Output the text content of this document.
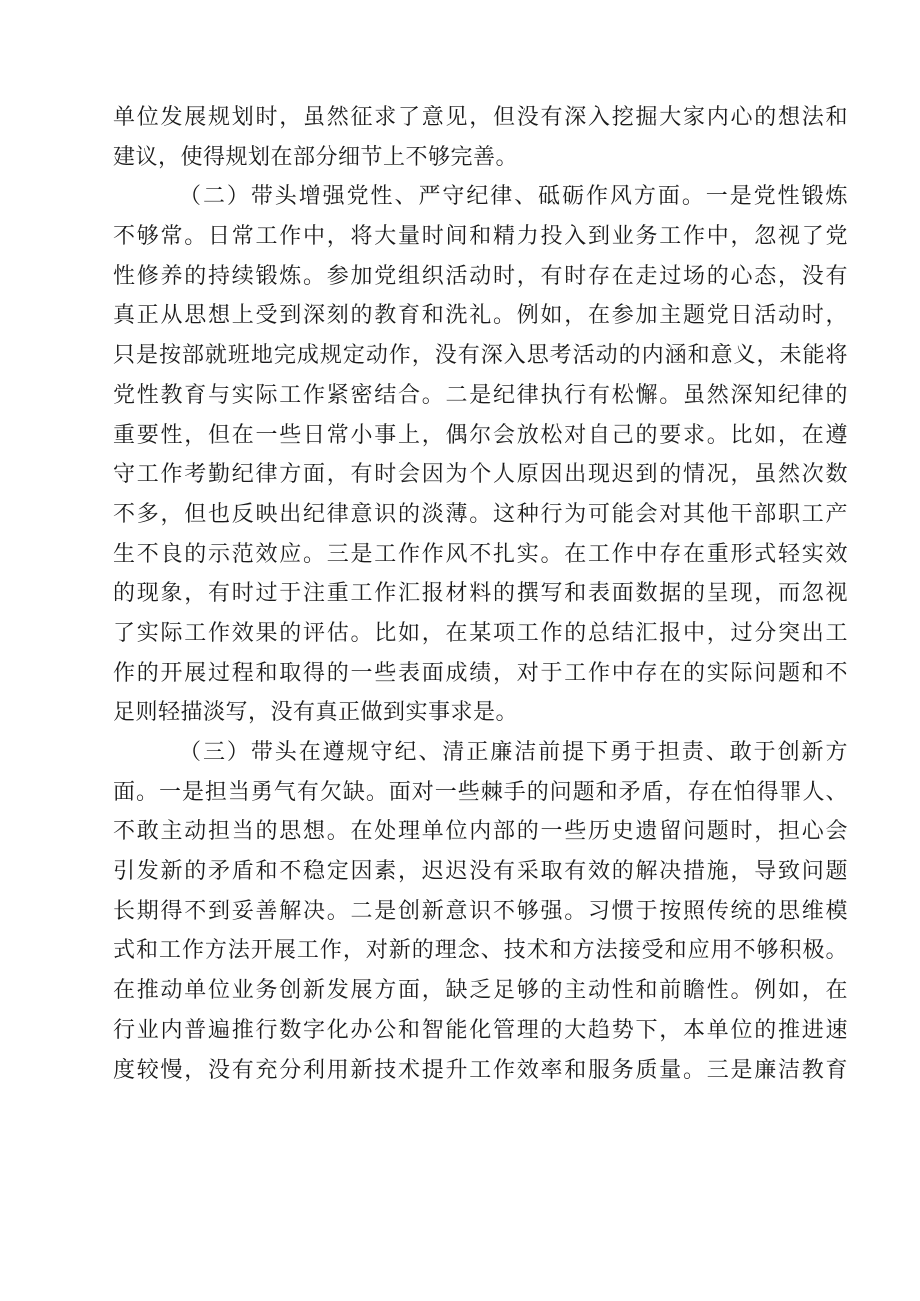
单位发展规划时，虽然征求了意见，但没有深入挖掘大家内心的想法和
建议，使得规划在部分细节上不够完善。
（二）带头增强党性、严守纪律、砥砺作风方面。一是党性锻炼
不够常。日常工作中，将大量时间和精力投入到业务工作中，忽视了党
性修养的持续锻炼。参加党组织活动时，有时存在走过场的心态，没有
真正从思想上受到深刻的教育和洗礼。例如，在参加主题党日活动时，
只是按部就班地完成规定动作，没有深入思考活动的内涵和意义，未能将
党性教育与实际工作紧密结合。二是纪律执行有松懈。虽然深知纪律的
重要性，但在一些日常小事上，偶尔会放松对自己的要求。比如，在遵
守工作考勤纪律方面，有时会因为个人原因出现迟到的情况，虽然次数
不多，但也反映出纪律意识的淡薄。这种行为可能会对其他干部职工产
生不良的示范效应。三是工作作风不扎实。在工作中存在重形式轻实效
的现象，有时过于注重工作汇报材料的撰写和表面数据的呈现，而忽视
了实际工作效果的评估。比如，在某项工作的总结汇报中，过分突出工
作的开展过程和取得的一些表面成绩，对于工作中存在的实际问题和不
足则轻描淡写，没有真正做到实事求是。
（三）带头在遵规守纪、清正廉洁前提下勇于担责、敢于创新方
面。一是担当勇气有欠缺。面对一些棘手的问题和矛盾，存在怕得罪人、
不敢主动担当的思想。在处理单位内部的一些历史遗留问题时，担心会
引发新的矛盾和不稳定因素，迟迟没有采取有效的解决措施，导致问题
长期得不到妥善解决。二是创新意识不够强。习惯于按照传统的思维模
式和工作方法开展工作，对新的理念、技术和方法接受和应用不够积极。
在推动单位业务创新发展方面，缺乏足够的主动性和前瞻性。例如，在
行业内普遍推行数字化办公和智能化管理的大趋势下，本单位的推进速
度较慢，没有充分利用新技术提升工作效率和服务质量。三是廉洁教育
